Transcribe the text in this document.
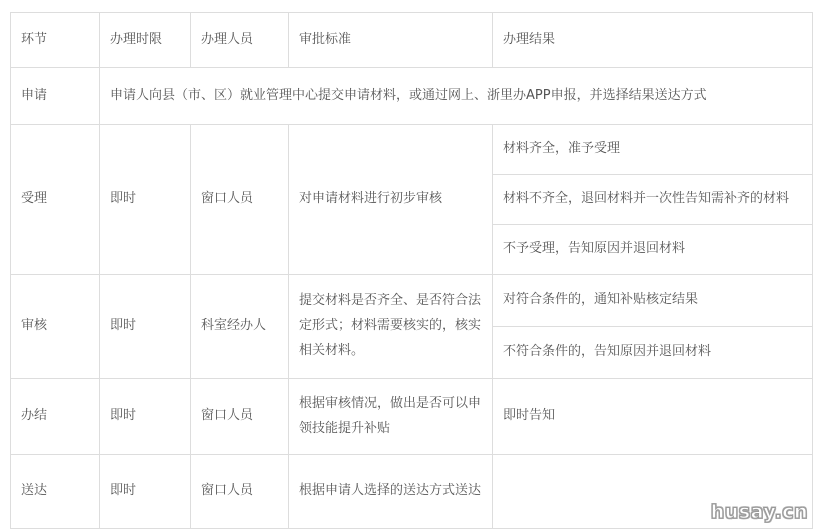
环节	办理时限	办理人员	审批标准	办理结果
申请	申请人向县（市、区）就业管理中心提交申请材料，或通过网上、浙里办APP申报，并选择结果送达方式			
受理	即时	窗口人员	对申请材料进行初步审核	材料齐全，准予受理
				材料不齐全，退回材料并一次性告知需补齐的材料
				不予受理，告知原因并退回材料
审核	即时	科室经办人	提交材料是否齐全、是否符合法定形式；材料需要核实的，核实相关材料。	对符合条件的，通知补贴核定结果
				不符合条件的，告知原因并退回材料
办结	即时	窗口人员	根据审核情况，做出是否可以申领技能提升补贴	即时告知
送达	即时	窗口人员	根据申请人选择的送达方式送达	
husay.cn
